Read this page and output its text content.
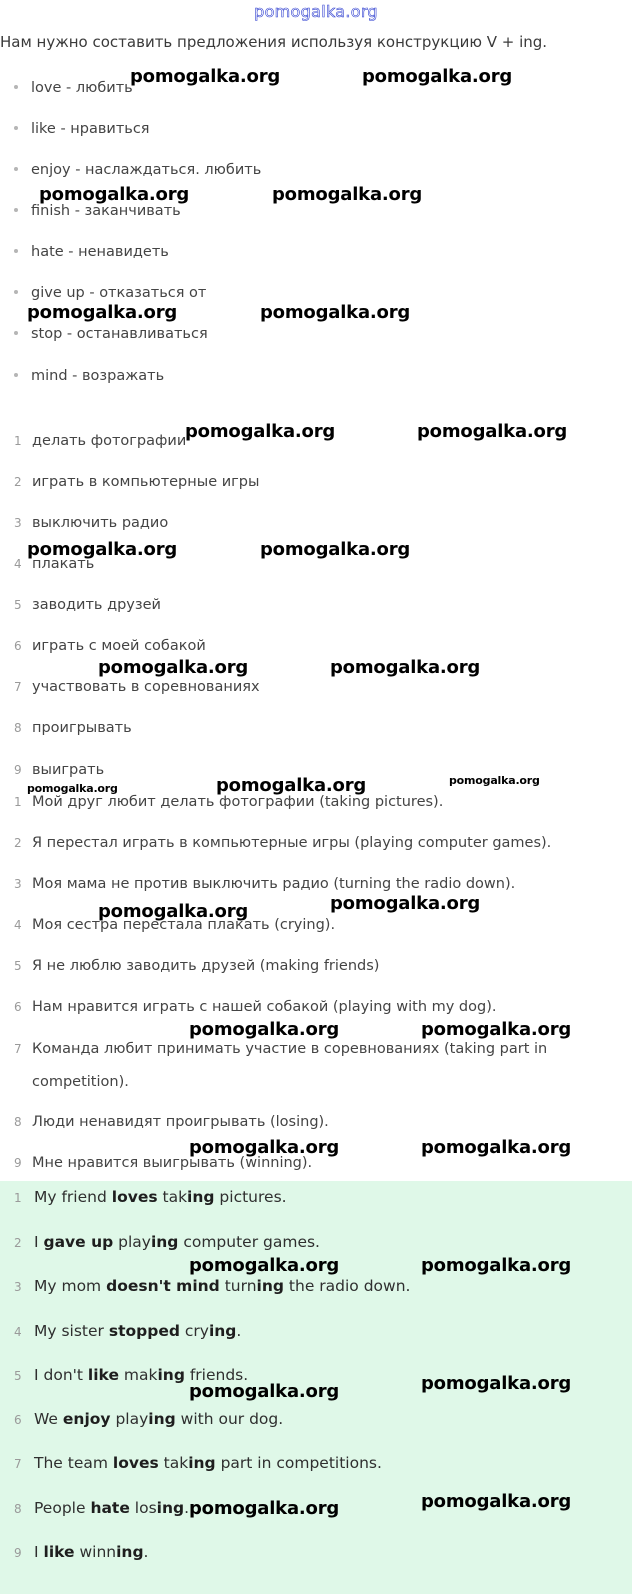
pomogalka.org
Нам нужно составить предложения используя конструкцию V + ing.
love - любить
like - нравиться
enjoy - наслаждаться. любить
finish - заканчивать
hate - ненавидеть
give up - отказаться от
stop - останавливаться
mind - возражать
1 делать фотографии
2 играть в компьютерные игры
3 выключить радио
4 плакать
5 заводить друзей
6 играть с моей собакой
7 участвовать в соревнованиях
8 проигрывать
9 выиграть
1 Мой друг любит делать фотографии (taking pictures).
2 Я перестал играть в компьютерные игры (playing computer games).
3 Моя мама не против выключить радио (turning the radio down).
4 Моя сестра перестала плакать (crying).
5 Я не люблю заводить друзей (making friends)
6 Нам нравится играть с нашей собакой (playing with my dog).
7 Команда любит принимать участие в соревнованиях (taking part in
competition).
8 Люди ненавидят проигрывать (losing).
9 Мне нравится выигрывать (winning).
1 My friend loves taking pictures.
2 I gave up playing computer games.
3 My mom doesn't mind turning the radio down.
4 My sister stopped crying.
5 I don't like making friends.
6 We enjoy playing with our dog.
7 The team loves taking part in competitions.
8 People hate losing.
9 I like winning.
pomogalka.org	pomogalka.org
pomogalka.org	pomogalka.org
pomogalka.org	pomogalka.org
pomogalka.org	pomogalka.org
pomogalka.org	pomogalka.org
pomogalka.org	pomogalka.org
pomogalka.org
pomogalka.org
pomogalka.org
pomogalka.org	pomogalka.org
pomogalka.org	pomogalka.org
pomogalka.org	pomogalka.org
pomogalka.org	pomogalka.org
pomogalka.org	pomogalka.org
pomogalka.org	pomogalka.org
